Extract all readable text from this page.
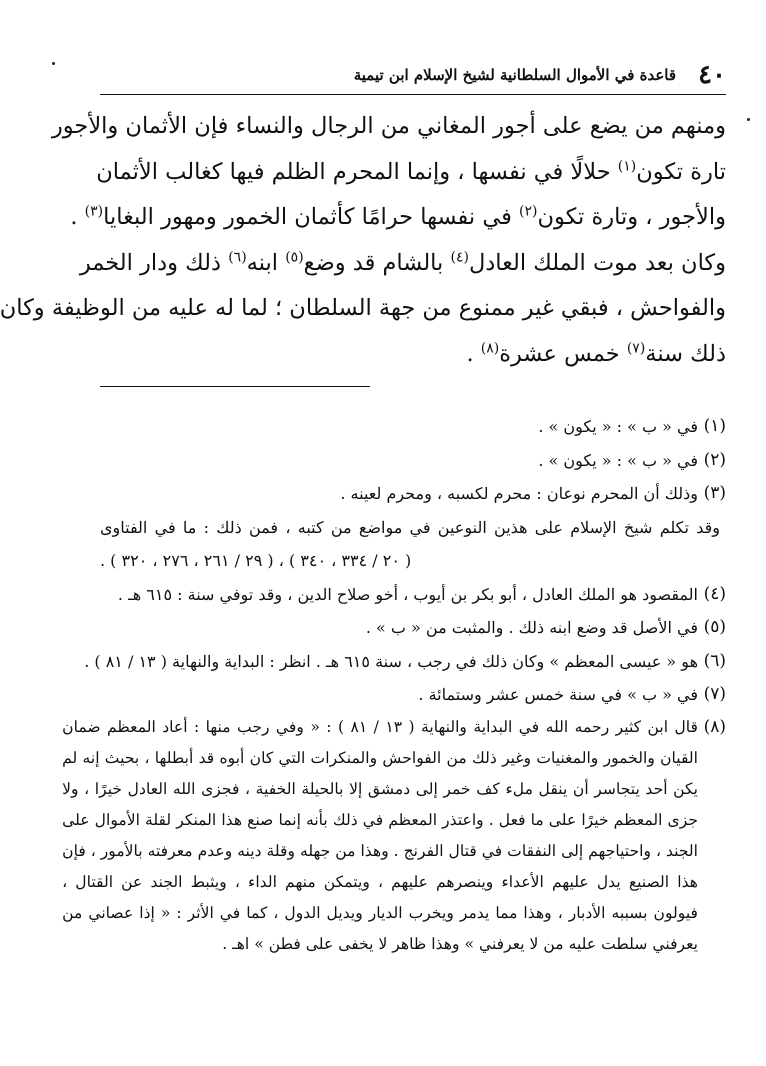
٤٠
قاعدة في الأموال السلطانية لشيخ الإسلام ابن تيمية
ومنهم من يضع على أجور المغاني من الرجال والنساء فإن الأثمان والأجور
تارة تكون$^{(١)}$ حلالًا في نفسها ، وإنما المحرم الظلم فيها كغالب الأثمان
والأجور ، وتارة تكون$^{(٢)}$ في نفسها حرامًا كأثمان الخمور ومهور البغايا$^{(٣)}$ .
وكان بعد موت الملك العادل$^{(٤)}$ بالشام قد وضع$^{(٥)}$ ابنه$^{(٦)}$ ذلك ودار الخمر
والفواحش ، فبقي غير ممنوع من جهة السلطان ؛ لما له عليه من الوظيفة وكان
ذلك سنة$^{(٧)}$ خمس عشرة$^{(٨)}$ .
(١)
في « ب » : « يكون » .
(٢)
في « ب » : « يكون » .
(٣)
وذلك أن المحرم نوعان : محرم لكسبه ، ومحرم لعينه .
وقد تكلم شيخ الإسلام على هذين النوعين في مواضع من كتبه ، فمن ذلك : ما في الفتاوى
( ٢٠ / ٣٣٤ ، ٣٤٠ ) ، ( ٢٩ / ٢٦١ ، ٢٧٦ ، ٣٢٠ ) .
(٤)
المقصود هو الملك العادل ، أبو بكر بن أيوب ، أخو صلاح الدين ، وقد توفي سنة : ٦١٥ هـ .
(٥)
في الأصل قد وضع ابنه ذلك . والمثبت من « ب » .
(٦)
هو « عيسى المعظم » وكان ذلك في رجب ، سنة ٦١٥ هـ . انظر : البداية والنهاية ( ١٣ / ٨١ ) .
(٧)
في « ب » في سنة خمس عشر وستمائة .
(٨)
قال ابن كثير رحمه الله في البداية والنهاية ( ١٣ / ٨١ ) : « وفي رجب منها : أعاد المعظم ضمان
القيان والخمور والمغنيات وغير ذلك من الفواحش والمنكرات التي كان أبوه قد أبطلها ، بحيث إنه لم
يكن أحد يتجاسر أن ينقل ملء كف خمر إلى دمشق إلا بالحيلة الخفية ، فجزى الله العادل خيرًا ، ولا
جزى المعظم خيرًا على ما فعل . واعتذر المعظم في ذلك بأنه إنما صنع هذا المنكر لقلة الأموال على
الجند ، واحتياجهم إلى النفقات في قتال الفرنج . وهذا من جهله وقلة دينه وعدم معرفته بالأمور ، فإن
هذا الصنيع يدل عليهم الأعداء وينصرهم عليهم ، ويتمكن منهم الداء ، ويثبط الجند عن القتال ،
فيولون بسببه الأدبار ، وهذا مما يدمر ويخرب الديار ويديل الدول ، كما في الأثر : « إذا عصاني من
يعرفني سلطت عليه من لا يعرفني » وهذا ظاهر لا يخفى على فطن » اهـ .
